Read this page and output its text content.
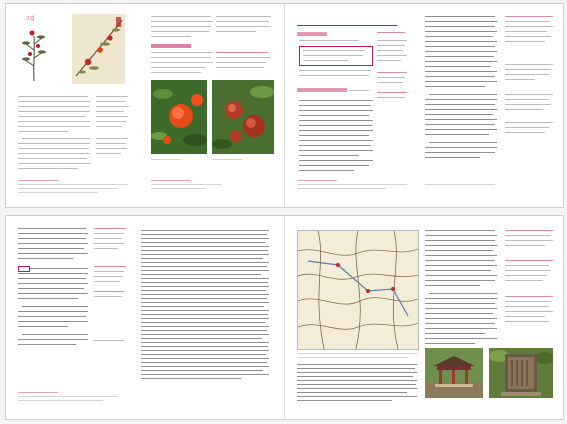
그림
